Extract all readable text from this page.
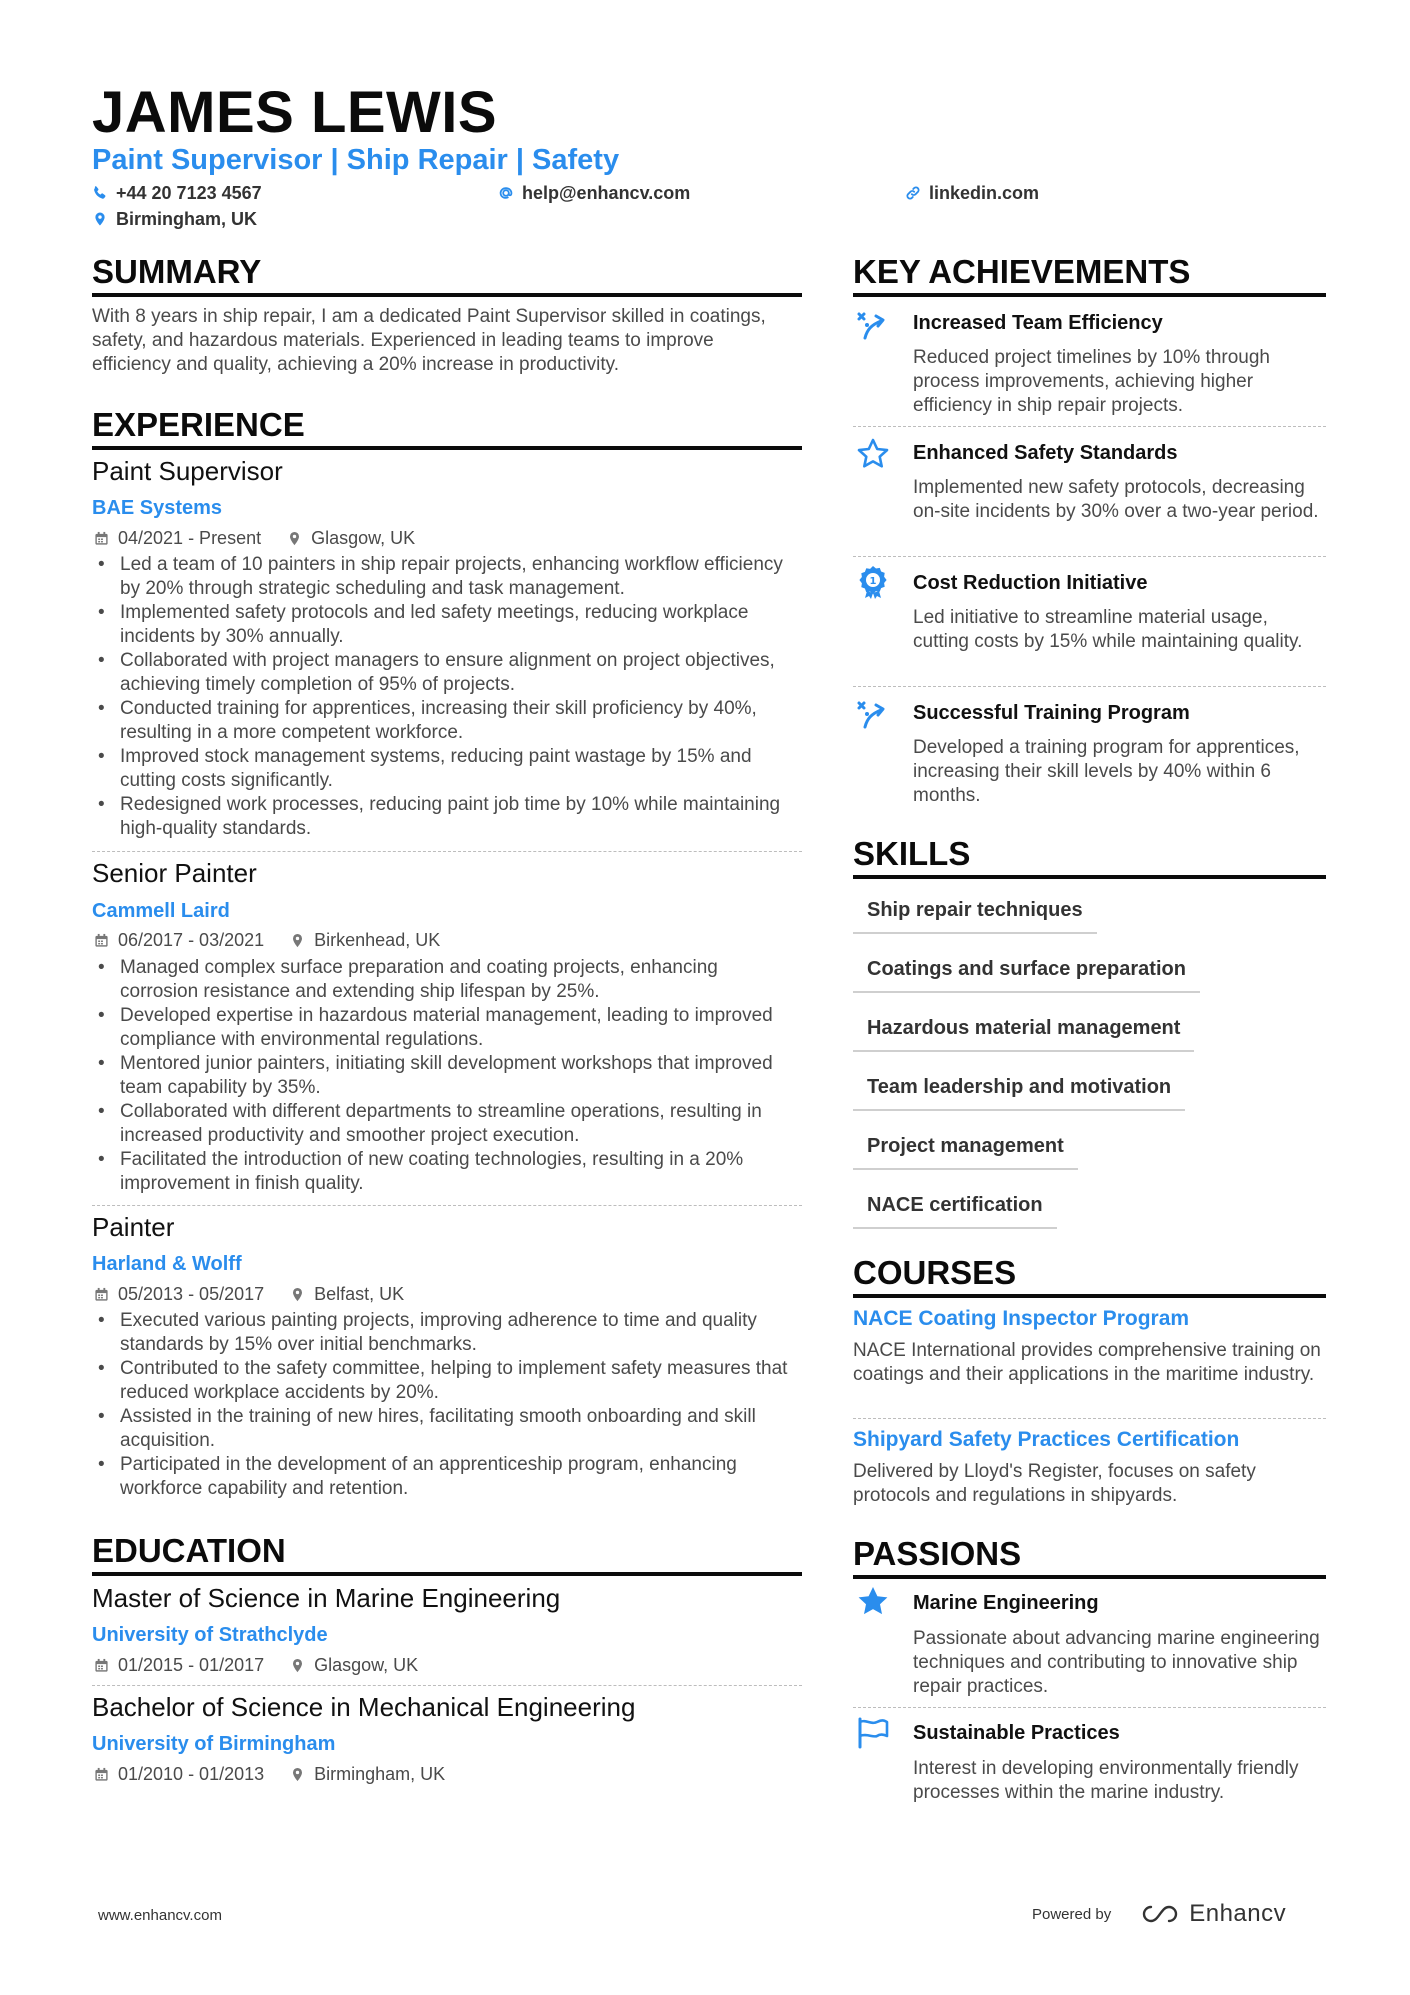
JAMES LEWIS
Paint Supervisor | Ship Repair | Safety
+44 20 7123 4567	help@enhancv.com	linkedin.com
Birmingham, UK
SUMMARY
With 8 years in ship repair, I am a dedicated Paint Supervisor skilled in coatings, safety, and hazardous materials. Experienced in leading teams to improve efficiency and quality, achieving a 20% increase in productivity.
EXPERIENCE
Paint Supervisor
BAE Systems
04/2021 - Present	Glasgow, UK
• Led a team of 10 painters in ship repair projects, enhancing workflow efficiency by 20% through strategic scheduling and task management.
• Implemented safety protocols and led safety meetings, reducing workplace incidents by 30% annually.
• Collaborated with project managers to ensure alignment on project objectives, achieving timely completion of 95% of projects.
• Conducted training for apprentices, increasing their skill proficiency by 40%, resulting in a more competent workforce.
• Improved stock management systems, reducing paint wastage by 15% and cutting costs significantly.
• Redesigned work processes, reducing paint job time by 10% while maintaining high-quality standards.
Senior Painter
Cammell Laird
06/2017 - 03/2021	Birkenhead, UK
• Managed complex surface preparation and coating projects, enhancing corrosion resistance and extending ship lifespan by 25%.
• Developed expertise in hazardous material management, leading to improved compliance with environmental regulations.
• Mentored junior painters, initiating skill development workshops that improved team capability by 35%.
• Collaborated with different departments to streamline operations, resulting in increased productivity and smoother project execution.
• Facilitated the introduction of new coating technologies, resulting in a 20% improvement in finish quality.
Painter
Harland & Wolff
05/2013 - 05/2017	Belfast, UK
• Executed various painting projects, improving adherence to time and quality standards by 15% over initial benchmarks.
• Contributed to the safety committee, helping to implement safety measures that reduced workplace accidents by 20%.
• Assisted in the training of new hires, facilitating smooth onboarding and skill acquisition.
• Participated in the development of an apprenticeship program, enhancing workforce capability and retention.
EDUCATION
Master of Science in Marine Engineering
University of Strathclyde
01/2015 - 01/2017	Glasgow, UK
Bachelor of Science in Mechanical Engineering
University of Birmingham
01/2010 - 01/2013	Birmingham, UK
KEY ACHIEVEMENTS
Increased Team Efficiency
Reduced project timelines by 10% through process improvements, achieving higher efficiency in ship repair projects.
Enhanced Safety Standards
Implemented new safety protocols, decreasing on-site incidents by 30% over a two-year period.
1 Cost Reduction Initiative
Led initiative to streamline material usage, cutting costs by 15% while maintaining quality.
Successful Training Program
Developed a training program for apprentices, increasing their skill levels by 40% within 6 months.
SKILLS
Ship repair techniques
Coatings and surface preparation
Hazardous material management
Team leadership and motivation
Project management
NACE certification
COURSES
NACE Coating Inspector Program
NACE International provides comprehensive training on coatings and their applications in the maritime industry.
Shipyard Safety Practices Certification
Delivered by Lloyd's Register, focuses on safety protocols and regulations in shipyards.
PASSIONS
Marine Engineering
Passionate about advancing marine engineering techniques and contributing to innovative ship repair practices.
Sustainable Practices
Interest in developing environmentally friendly processes within the marine industry.
www.enhancv.com	Powered by	Enhancv
